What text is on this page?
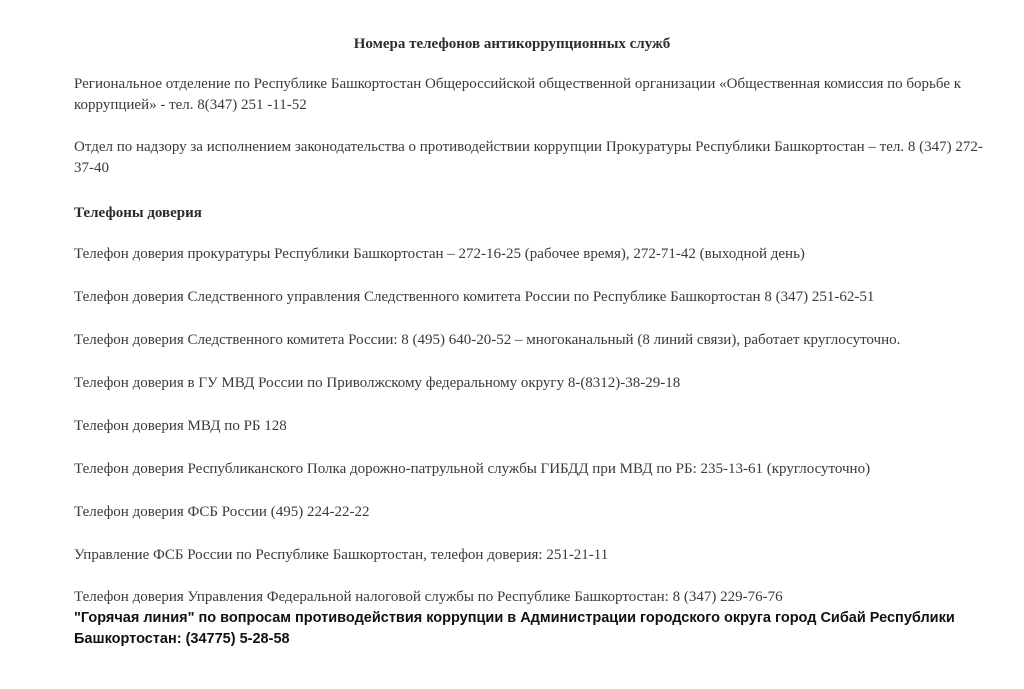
Номера телефонов антикоррупционных служб
Региональное отделение по Республике Башкортостан Общероссийской общественной организации «Общественная комиссия по борьбе к коррупцией» - тел. 8(347) 251 -11-52
Отдел по надзору за исполнением законодательства о противодействии коррупции Прокуратуры Республики Башкортостан – тел. 8 (347) 272-37-40
Телефоны доверия
Телефон доверия прокуратуры Республики Башкортостан – 272-16-25 (рабочее время), 272-71-42 (выходной день)
Телефон доверия Следственного управления Следственного комитета России по Республике Башкортостан 8 (347) 251-62-51
Телефон доверия Следственного комитета России: 8 (495) 640-20-52 – многоканальный (8 линий связи), работает круглосуточно.
Телефон доверия в ГУ МВД России по Приволжскому федеральному округу 8-(8312)-38-29-18
Телефон доверия МВД по РБ 128
Телефон доверия Республиканского Полка дорожно-патрульной службы ГИБДД при МВД по РБ: 235-13-61 (круглосуточно)
Телефон доверия ФСБ России (495) 224-22-22
Управление ФСБ России по Республике Башкортостан, телефон доверия: 251-21-11
Телефон доверия Управления Федеральной налоговой службы по Республике Башкортостан: 8 (347) 229-76-76
"Горячая линия" по вопросам противодействия коррупции в Администрации городского округа город Сибай Республики Башкортостан: (34775) 5-28-58
